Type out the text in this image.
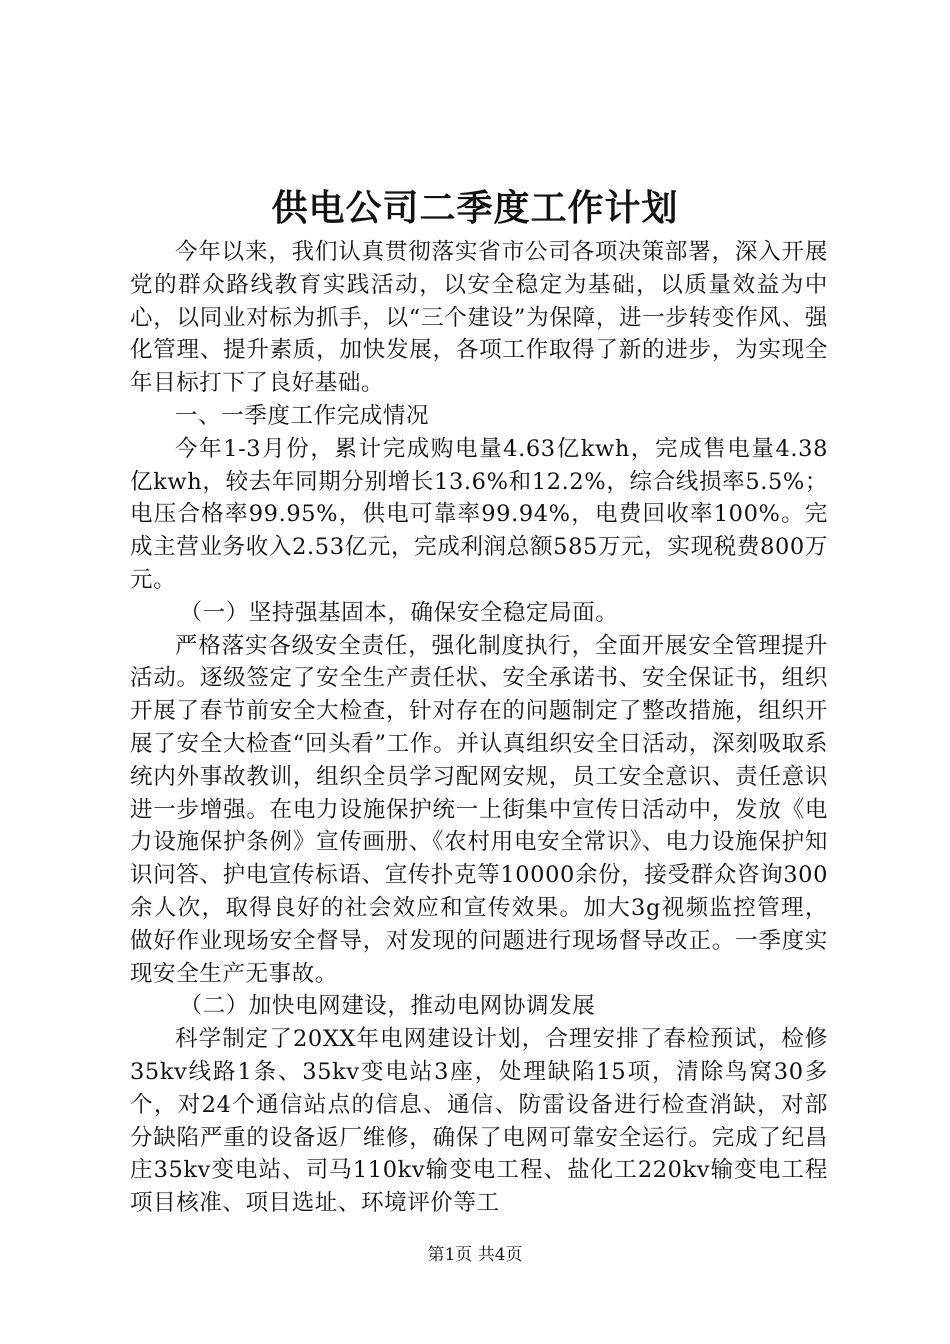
供电公司二季度工作计划

今年以来，我们认真贯彻落实省市公司各项决策部署，深入开展党的群众路线教育实践活动，以安全稳定为基础，以质量效益为中心，以同业对标为抓手，以“三个建设”为保障，进一步转变作风、强化管理、提升素质，加快发展，各项工作取得了新的进步，为实现全年目标打下了良好基础。

一、一季度工作完成情况

今年1-3月份，累计完成购电量4.63亿kwh，完成售电量4.38亿kwh，较去年同期分别增长13.6%和12.2%，综合线损率5.5%；电压合格率99.95%，供电可靠率99.94%，电费回收率100%。完成主营业务收入2.53亿元，完成利润总额585万元，实现税费800万元。

（一）坚持强基固本，确保安全稳定局面。

严格落实各级安全责任，强化制度执行，全面开展安全管理提升活动。逐级签定了安全生产责任状、安全承诺书、安全保证书，组织开展了春节前安全大检查，针对存在的问题制定了整改措施，组织开展了安全大检查“回头看”工作。并认真组织安全日活动，深刻吸取系统内外事故教训，组织全员学习配网安规，员工安全意识、责任意识进一步增强。在电力设施保护统一上街集中宣传日活动中，发放《电力设施保护条例》宣传画册、《农村用电安全常识》、电力设施保护知识问答、护电宣传标语、宣传扑克等10000余份，接受群众咨询300余人次，取得良好的社会效应和宣传效果。加大3g视频监控管理，做好作业现场安全督导，对发现的问题进行现场督导改正。一季度实现安全生产无事故。

（二）加快电网建设，推动电网协调发展

科学制定了20XX年电网建设计划，合理安排了春检预试，检修35kv线路1条、35kv变电站3座，处理缺陷15项，清除鸟窝30多个，对24个通信站点的信息、通信、防雷设备进行检查消缺，对部分缺陷严重的设备返厂维修，确保了电网可靠安全运行。完成了纪昌庄35kv变电站、司马110kv输变电工程、盐化工220kv输变电工程项目核准、项目选址、环境评价等工

第1页 共4页
